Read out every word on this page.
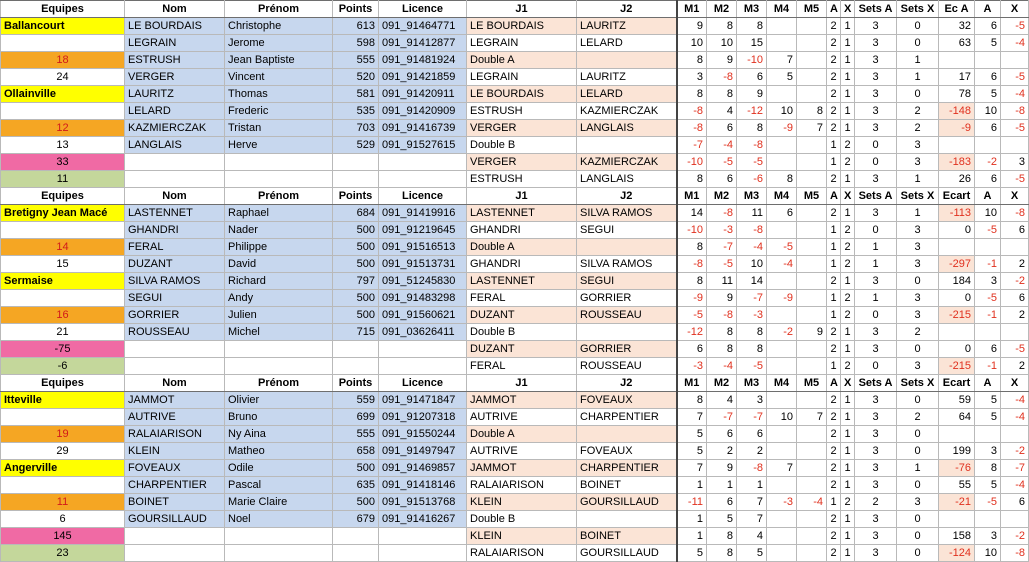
Equipes	Nom	Prénom	Points	Licence	J1	J2	M1	M2	M3	M4	M5	A	X	Sets A	Sets X	Ec A	A	X
Ballancourt	LE BOURDAIS	Christophe	613	091_91464771	LE BOURDAIS	LAURITZ	9	8	8			2	1	3	0	32	6	-5
	LEGRAIN	Jerome	598	091_91412877	LEGRAIN	LELARD	10	10	15			2	1	3	0	63	5	-4
18	ESTRUSH	Jean Baptiste	555	091_91481924	Double A		8	9	-10	7		2	1	3	1			
24	VERGER	Vincent	520	091_91421859	LEGRAIN	LAURITZ	3	-8	6	5		2	1	3	1	17	6	-5
Ollainville	LAURITZ	Thomas	581	091_91420911	LE BOURDAIS	LELARD	8	8	9			2	1	3	0	78	5	-4
	LELARD	Frederic	535	091_91420909	ESTRUSH	KAZMIERCZAK	-8	4	-12	10	8	2	1	3	2	-148	10	-8
12	KAZMIERCZAK	Tristan	703	091_91416739	VERGER	LANGLAIS	-8	6	8	-9	7	2	1	3	2	-9	6	-5
13	LANGLAIS	Herve	529	091_91527615	Double B		-7	-4	-8			1	2	0	3			
33					VERGER	KAZMIERCZAK	-10	-5	-5			1	2	0	3	-183	-2	3
11					ESTRUSH	LANGLAIS	8	6	-6	8		2	1	3	1	26	6	-5
Equipes	Nom	Prénom	Points	Licence	J1	J2	M1	M2	M3	M4	M5	A	X	Sets A	Sets X	Ecart	A	X
Bretigny Jean Macé	LASTENNET	Raphael	684	091_91419916	LASTENNET	SILVA RAMOS	14	-8	11	6		2	1	3	1	-113	10	-8
	GHANDRI	Nader	500	091_91219645	GHANDRI	SEGUI	-10	-3	-8			1	2	0	3	0	-5	6
14	FERAL	Philippe	500	091_91516513	Double A		8	-7	-4	-5		1	2	1	3			
15	DUZANT	David	500	091_91513731	GHANDRI	SILVA RAMOS	-8	-5	10	-4		1	2	1	3	-297	-1	2
Sermaise	SILVA RAMOS	Richard	797	091_51245830	LASTENNET	SEGUI	8	11	14			2	1	3	0	184	3	-2
	SEGUI	Andy	500	091_91483298	FERAL	GORRIER	-9	9	-7	-9		1	2	1	3	0	-5	6
16	GORRIER	Julien	500	091_91560621	DUZANT	ROUSSEAU	-5	-8	-3			1	2	0	3	-215	-1	2
21	ROUSSEAU	Michel	715	091_03626411	Double B		-12	8	8	-2	9	2	1	3	2			
-75					DUZANT	GORRIER	6	8	8			2	1	3	0	0	6	-5
-6					FERAL	ROUSSEAU	-3	-4	-5			1	2	0	3	-215	-1	2
Equipes	Nom	Prénom	Points	Licence	J1	J2	M1	M2	M3	M4	M5	A	X	Sets A	Sets X	Ecart	A	X
Itteville	JAMMOT	Olivier	559	091_91471847	JAMMOT	FOVEAUX	8	4	3			2	1	3	0	59	5	-4
	AUTRIVE	Bruno	699	091_91207318	AUTRIVE	CHARPENTIER	7	-7	-7	10	7	2	1	3	2	64	5	-4
19	RALAIARISON	Ny Aina	555	091_91550244	Double A		5	6	6			2	1	3	0			
29	KLEIN	Matheo	658	091_91497947	AUTRIVE	FOVEAUX	5	2	2			2	1	3	0	199	3	-2
Angerville	FOVEAUX	Odile	500	091_91469857	JAMMOT	CHARPENTIER	7	9	-8	7		2	1	3	1	-76	8	-7
	CHARPENTIER	Pascal	635	091_91418146	RALAIARISON	BOINET	1	1	1			2	1	3	0	55	5	-4
11	BOINET	Marie Claire	500	091_91513768	KLEIN	GOURSILLAUD	-11	6	7	-3	-4	1	2	2	3	-21	-5	6
6	GOURSILLAUD	Noel	679	091_91416267	Double B		1	5	7			2	1	3	0			
145					KLEIN	BOINET	1	8	4			2	1	3	0	158	3	-2
23					RALAIARISON	GOURSILLAUD	5	8	5			2	1	3	0	-124	10	-8
